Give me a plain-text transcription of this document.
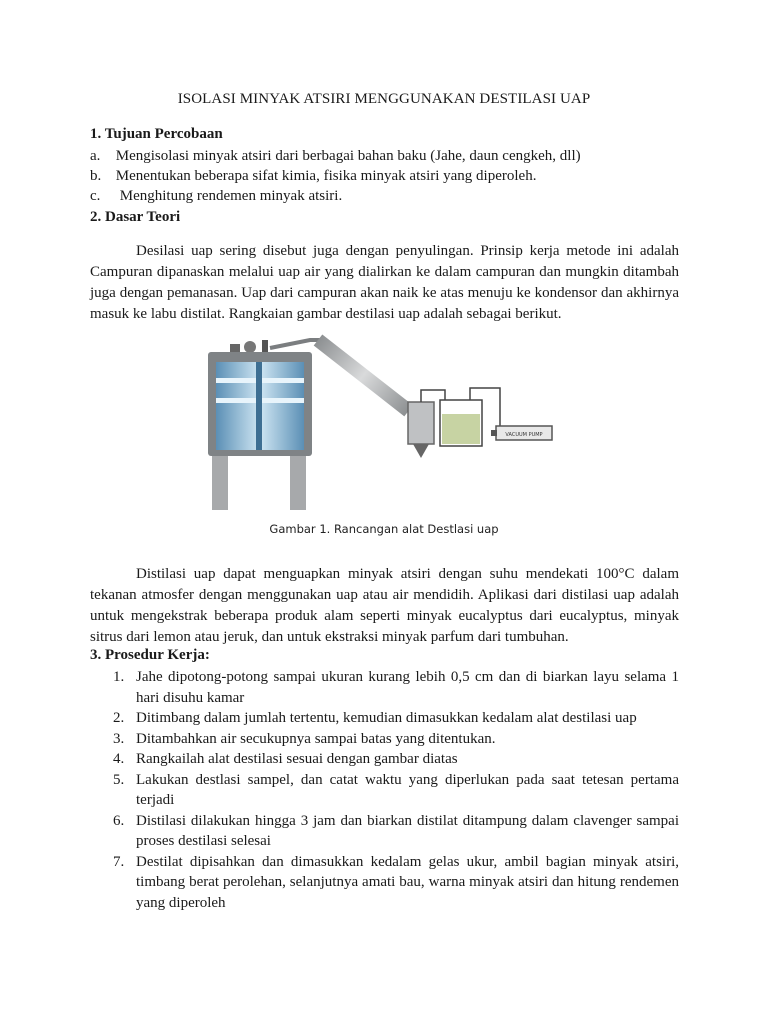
ISOLASI MINYAK ATSIRI MENGGUNAKAN DESTILASI UAP
1. Tujuan Percobaan
a. Mengisolasi minyak atsiri dari berbagai bahan baku (Jahe, daun cengkeh, dll)
b. Menentukan beberapa sifat kimia, fisika minyak atsiri yang diperoleh.
c. Menghitung rendemen minyak atsiri.
2. Dasar Teori

Desilasi uap sering disebut juga dengan penyulingan. Prinsip kerja metode ini adalah Campuran dipanaskan melalui uap air yang dialirkan ke dalam campuran dan mungkin ditambah juga dengan pemanasan. Uap dari campuran akan naik ke atas menuju ke kondensor dan akhirnya masuk ke labu distilat. Rangkaian gambar destilasi uap adalah sebagai berikut.

VACUUM PUMP
Gambar 1. Rancangan alat Destlasi uap

Distilasi uap dapat menguapkan minyak atsiri dengan suhu mendekati 100°C dalam tekanan atmosfer dengan menggunakan uap atau air mendidih. Aplikasi dari distilasi uap adalah untuk mengekstrak beberapa produk alam seperti minyak eucalyptus dari eucalyptus, minyak sitrus dari lemon atau jeruk, dan untuk ekstraksi minyak parfum dari tumbuhan.

3. Prosedur Kerja:
1. Jahe dipotong-potong sampai ukuran kurang lebih 0,5 cm dan di biarkan layu selama 1 hari disuhu kamar
2. Ditimbang dalam jumlah tertentu, kemudian dimasukkan kedalam alat destilasi uap
3. Ditambahkan air secukupnya sampai batas yang ditentukan.
4. Rangkailah alat destilasi sesuai dengan gambar diatas
5. Lakukan destlasi sampel, dan catat waktu yang diperlukan pada saat tetesan pertama terjadi
6. Distilasi dilakukan hingga 3 jam dan biarkan distilat ditampung dalam clavenger sampai proses destilasi selesai
7. Destilat dipisahkan dan dimasukkan kedalam gelas ukur, ambil bagian minyak atsiri, timbang berat perolehan, selanjutnya amati bau, warna minyak atsiri dan hitung rendemen yang diperoleh
